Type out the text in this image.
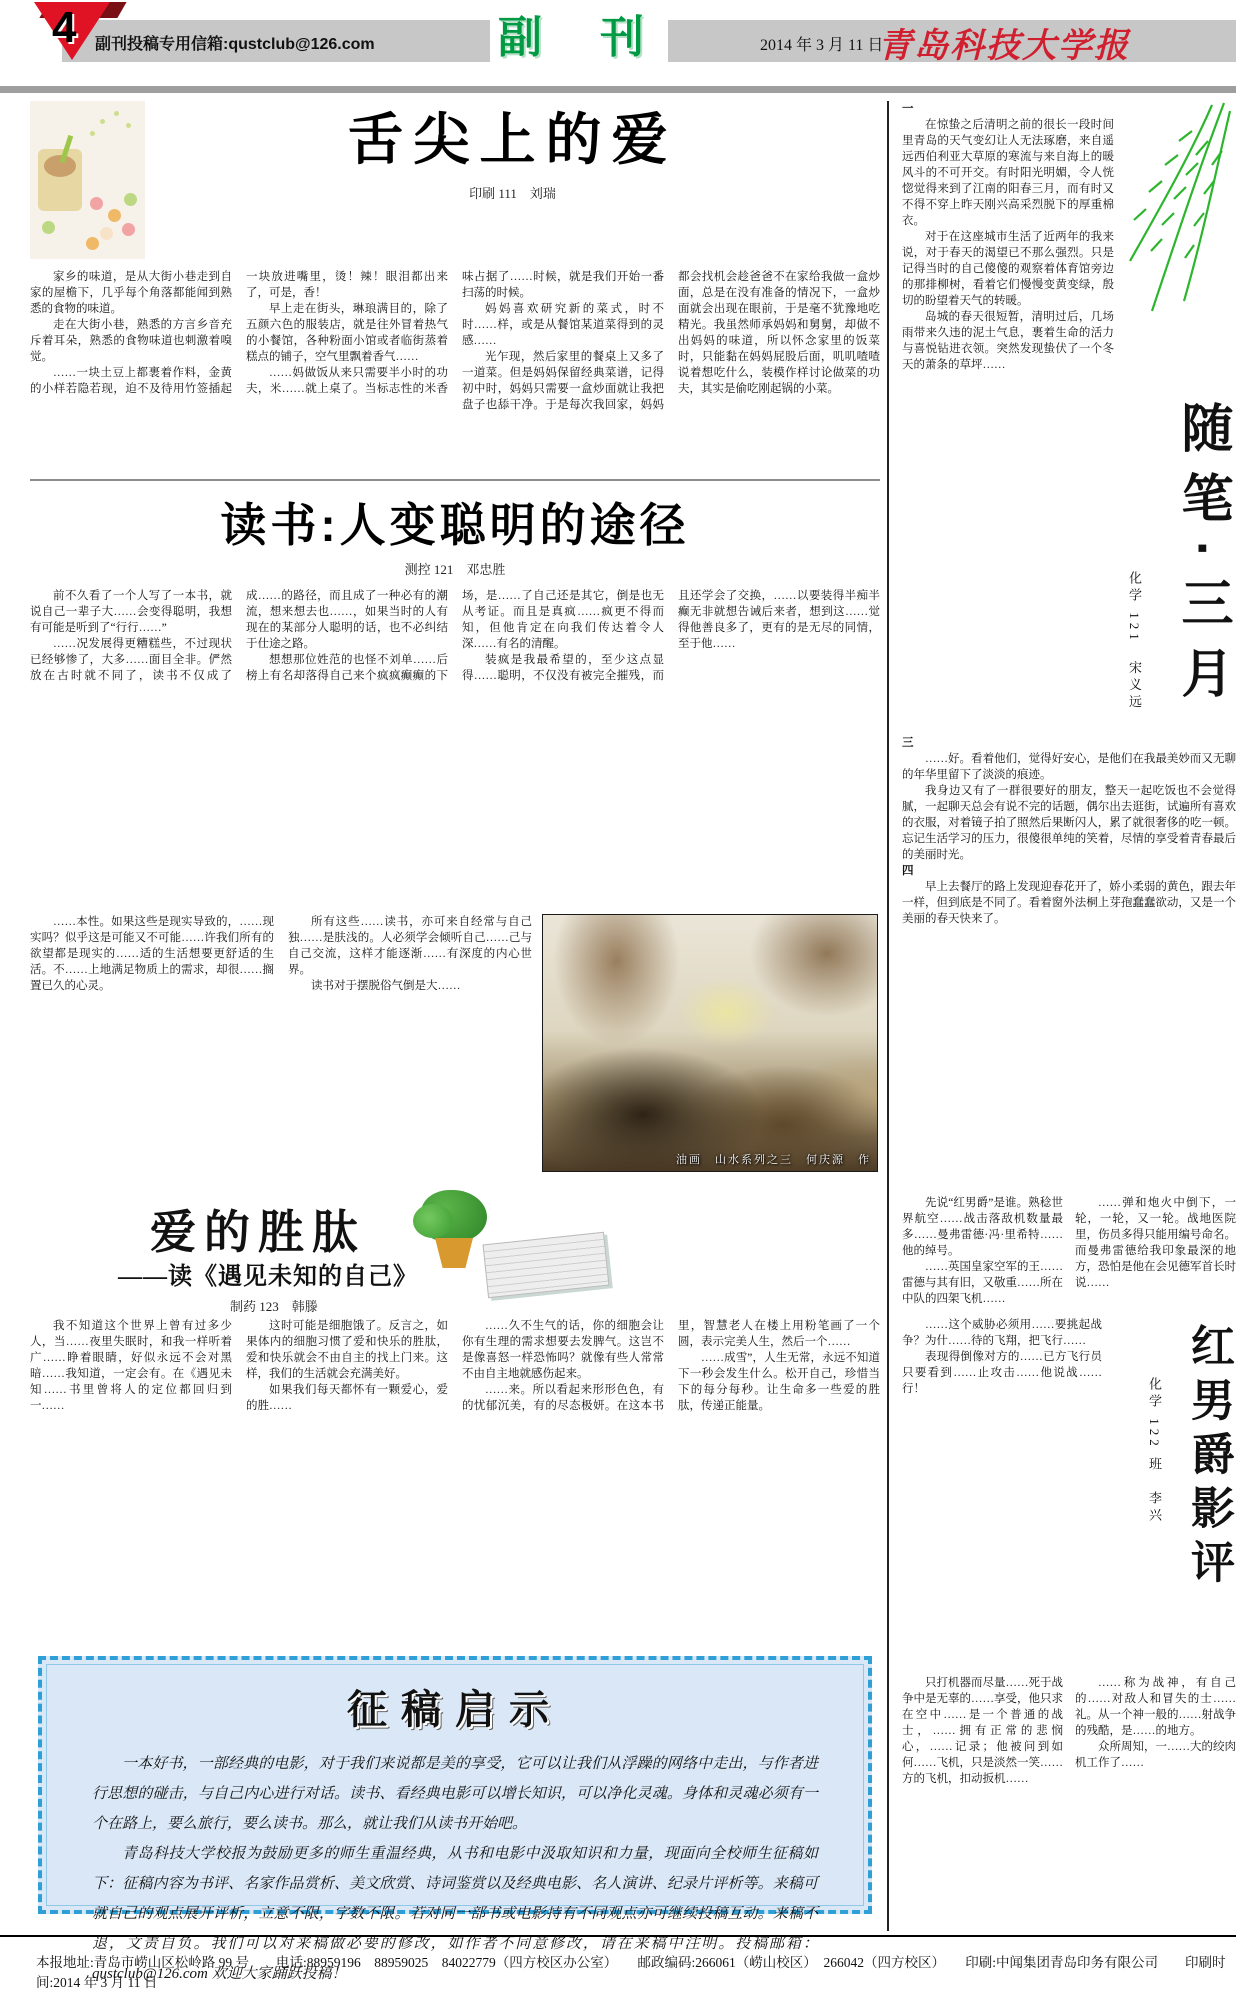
4 副刊投稿专用信箱:qustclub@126.com	副 刊	2014 年 3 月 11 日
青岛科技大学报
舌尖上的爱
印刷 111　刘瑞

家乡的味道，是从大街小巷走到自家的屋檐下，几乎每个角落都能闻到熟悉的食物的味道。

走在大街小巷，熟悉的方言乡音充斥着耳朵，熟悉的食物味道也刺激着嗅觉。

……一块土豆上都裹着作料，金黄的小样若隐若现，迫不及待用竹签插起一块放进嘴里，烫！辣！眼泪都出来了，可是，香！

早上走在街头，琳琅满目的，除了五颜六色的服装店，就是往外冒着热气的小餐馆，各种粉面小馆或者临街蒸着糕点的铺子，空气里飘着香气……

……妈做饭从来只需要半小时的功夫，米……就上桌了。当标志性的米香味占据了……时候，就是我们开始一番扫荡的时候。

妈妈喜欢研究新的菜式，时不时……样，或是从餐馆某道菜得到的灵感……

光乍现，然后家里的餐桌上又多了一道菜。但是妈妈保留经典菜谱，记得初中时，妈妈只需要一盒炒面就让我把盘子也舔干净。于是每次我回家，妈妈都会找机会趁爸爸不在家给我做一盒炒面，总是在没有准备的情况下，一盒炒面就会出现在眼前，于是毫不犹豫地吃精光。我虽然师承妈妈和舅舅，却做不出妈妈的味道，所以怀念家里的饭菜时，只能黏在妈妈屁股后面，叽叽喳喳说着想吃什么，装模作样讨论做菜的功夫，其实是偷吃刚起锅的小菜。

读书:人变聪明的途径
测控 121　邓忠胜

前不久看了一个人写了一本书，就说自己一辈子大……会变得聪明，我想有可能是听到了“行行……”

……况发展得更糟糕些，不过现状已经够惨了，大多……面目全非。俨然放在古时就不同了，读书不仅成了成……的路径，而且成了一种必有的潮流，想来想去也……，如果当时的人有现在的某部分人聪明的话，也不必纠结于仕途之路。

想想那位姓范的也怪不刘单……后榜上有名却落得自己来个疯疯癫癫的下场，是……了自己还是其它，倒是也无从考证。而且是真疯……疯更不得而知，但他肯定在向我们传达着令人深……有名的清醒。

装疯是我最希望的，至少这点显得……聪明，不仅没有被完全摧残，而且还学会了交换，……以要装得半痴半癫无非就想告诫后来者，想到这……觉得他善良多了，更有的是无尽的同情，至于他……

……本性。如果这些是现实导致的，……现实吗？似乎这是可能又不可能……许我们所有的欲望都是现实的……适的生活想要更舒适的生活。不……上地满足物质上的需求，却很……搁置已久的心灵。

所有这些……读书，亦可来自经常与自己独……是肤浅的。人必须学会倾听自己……己与自己交流，这样才能逐渐……有深度的内心世界。

读书对于摆脱俗气倒是大……

油画　山水系列之三　何庆源　作
爱的胜肽
——读《遇见未知的自己》
制药 123　韩滕

我不知道这个世界上曾有过多少人，当……夜里失眠时，和我一样听着广……睁着眼睛，好似永远不会对黑暗……我知道，一定会有。在《遇见未知……书里曾将人的定位都回归到一……

这时可能是细胞饿了。反言之，如果体内的细胞习惯了爱和快乐的胜肽，爱和快乐就会不由自主的找上门来。这样，我们的生活就会充满美好。

如果我们每天都怀有一颗爱心，爱的胜……

……久不生气的话，你的细胞会让你有生理的需求想要去发脾气。这岂不是像喜怒一样恐怖吗？就像有些人常常不由自主地就感伤起来。

……来。所以看起来形形色色，有的忧郁沉美，有的尽态极妍。在这本书里，智慧老人在楼上用粉笔画了一个圆，表示完美人生，然后一个……

……成雪”，人生无常，永远不知道下一秒会发生什么。松开自己，珍惜当下的每分每秒。让生命多一些爱的胜肽，传递正能量。

征稿启示

一本好书，一部经典的电影，对于我们来说都是美的享受，它可以让我们从浮躁的网络中走出，与作者进行思想的碰击，与自己内心进行对话。读书、看经典电影可以增长知识，可以净化灵魂。身体和灵魂必须有一个在路上，要么旅行，要么读书。那么，就让我们从读书开始吧。

青岛科技大学校报为鼓励更多的师生重温经典，从书和电影中汲取知识和力量，现面向全校师生征稿如下：征稿内容为书评、名家作品赏析、美文欣赏、诗词鉴赏以及经典电影、名人演讲、纪录片评析等。来稿可就自己的观点展开评析，立意不限，字数不限。若对同一部书或电影持有不同观点亦可继续投稿互动。来稿不退，文责自负。我们可以对来稿做必要的修改，如作者不同意修改，请在来稿中注明。投稿邮箱：qustclub@126.com 欢迎大家踊跃投稿！

随笔·三月
化学 121　宋义远

一

在惊蛰之后清明之前的很长一段时间里青岛的天气变幻让人无法琢磨，来自遥远西伯利亚大草原的寒流与来自海上的暖风斗的不可开交。有时阳光明媚，令人恍惚觉得来到了江南的阳春三月，而有时又不得不穿上昨天刚兴高采烈脱下的厚重棉衣。

对于在这座城市生活了近两年的我来说，对于春天的渴望已不那么强烈。只是记得当时的自己傻傻的观察着体育馆旁边的那排柳树，看着它们慢慢变黄变绿，殷切的盼望着天气的转暖。

岛城的春天很短暂，清明过后，几场雨带来久违的泥土气息，裹着生命的活力与喜悦钻进衣领。突然发现蛰伏了一个冬天的萧条的草坪……

三

……好。看着他们，觉得好安心，是他们在我最美妙而又无聊的年华里留下了淡淡的痕迹。

我身边又有了一群很要好的朋友，整天一起吃饭也不会觉得腻，一起聊天总会有说不完的话题，偶尔出去逛街，试遍所有喜欢的衣服，对着镜子拍了照然后果断闪人，累了就很奢侈的吃一顿。忘记生活学习的压力，很傻很单纯的笑着，尽情的享受着青春最后的美丽时光。

四

早上去餐厅的路上发现迎春花开了，娇小柔弱的黄色，跟去年一样，但到底是不同了。看着窗外法桐上芽孢蠢蠢欲动，又是一个美丽的春天快来了。

先说“红男爵”是谁。熟稔世界航空……战击落敌机数量最多……曼弗雷德·冯·里希特……他的绰号。

……英国皇家空军的王……雷德与其有旧，又敬重……所在中队的四架飞机……

……弹和炮火中倒下，一轮，一轮，又一轮。战地医院里，伤员多得只能用编号命名。而曼弗雷德给我印象最深的地方，恐怕是他在会见德军首长时说……

……这个威胁必须用……要挑起战争？为什……待的飞翔，把飞行……

表现得倒像对方的……已方飞行员只要看到……止攻击……他说战……行！	红男爵影评
化学 122 班　李兴

只打机器而尽量……死于战争中是无辜的……享受，他只求在空中……是一个普通的战士，……拥有正常的悲悯心，……记录；他被问到如何……飞机，只是淡然一笑……方的飞机，扣动扳机……

……称为战神，有自己的……对敌人和冒失的士……礼。从一个神一般的……射战争的残酷，是……的地方。

众所周知，一……大的绞肉机工作了……

本报地址:青岛市崂山区松岭路 99 号　　电话:88959196　88959025　84022779（四方校区办公室）　　邮政编码:266061（崂山校区）　266042（四方校区）　　印刷:中闻集团青岛印务有限公司　　印刷时间:2014 年 3 月 11 日
